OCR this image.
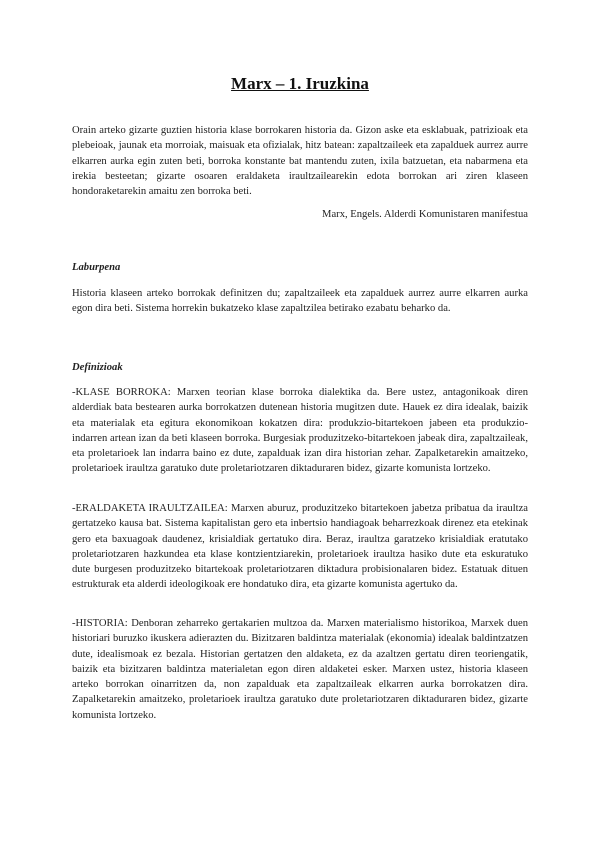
Marx – 1. Iruzkina
Orain arteko gizarte guztien historia klase borrokaren historia da. Gizon aske eta esklabuak, patrizioak eta plebeioak, jaunak eta morroiak, maisuak eta ofizialak, hitz batean: zapaltzaileek eta zapalduek aurrez aurre elkarren aurka egin zuten beti, borroka konstante bat mantendu zuten, ixila batzuetan, eta nabarmena eta irekia besteetan; gizarte osoaren eraldaketa iraultzailearekin edota borrokan ari ziren klaseen hondoraketarekin amaitu zen borroka beti.
Marx, Engels. Alderdi Komunistaren manifestua
Laburpena
Historia klaseen arteko borrokak definitzen du; zapaltzaileek eta zapalduek aurrez aurre elkarren aurka egon dira beti. Sistema horrekin bukatzeko klase zapaltzilea betirako ezabatu beharko da.
Definizioak
-KLASE BORROKA: Marxen teorian klase borroka dialektika da. Bere ustez, antagonikoak diren alderdiak bata bestearen aurka borrokatzen dutenean historia mugitzen dute. Hauek ez dira idealak, baizik eta materialak eta egitura ekonomikoan kokatzen dira: produkzio-bitartekoen jabeen eta produkzio-indarren artean izan da beti klaseen borroka. Burgesiak produzitzeko-bitartekoen jabeak dira, zapaltzaileak, eta proletarioek lan indarra baino ez dute, zapalduak izan dira historian zehar. Zapalketarekin amaitzeko, proletarioek iraultza garatuko dute proletariotzaren diktaduraren bidez, gizarte komunista lortzeko.
-ERALDAKETA IRAULTZAILEA: Marxen aburuz, produzitzeko bitartekoen jabetza pribatua da iraultza gertatzeko kausa bat. Sistema kapitalistan gero eta inbertsio handiagoak beharrezkoak direnez eta etekinak gero eta baxuagoak daudenez, krisialdiak gertatuko dira. Beraz, iraultza garatzeko krisialdiak eratutako proletariotzaren hazkundea eta klase kontzientziarekin, proletarioek iraultza hasiko dute eta eskuratuko dute burgesen produzitzeko bitartekoak proletariotzaren diktadura probisionalaren bidez. Estatuak dituen estrukturak eta alderdi ideologikoak ere hondatuko dira, eta gizarte komunista agertuko da.
-HISTORIA: Denboran zeharreko gertakarien multzoa da. Marxen materialismo historikoa, Marxek duen historiari buruzko ikuskera adierazten du. Bizitzaren baldintza materialak (ekonomia) idealak baldintzatzen dute, idealismoak ez bezala. Historian gertatzen den aldaketa, ez da azaltzen gertatu diren teoriengatik, baizik eta bizitzaren baldintza materialetan egon diren aldaketei esker. Marxen ustez, historia klaseen arteko borrokan oinarritzen da, non zapalduak eta zapaltzaileak elkarren aurka borrokatzen dira. Zapalketarekin amaitzeko, proletarioek iraultza garatuko dute proletariotzaren diktaduraren bidez, gizarte komunista lortzeko.
